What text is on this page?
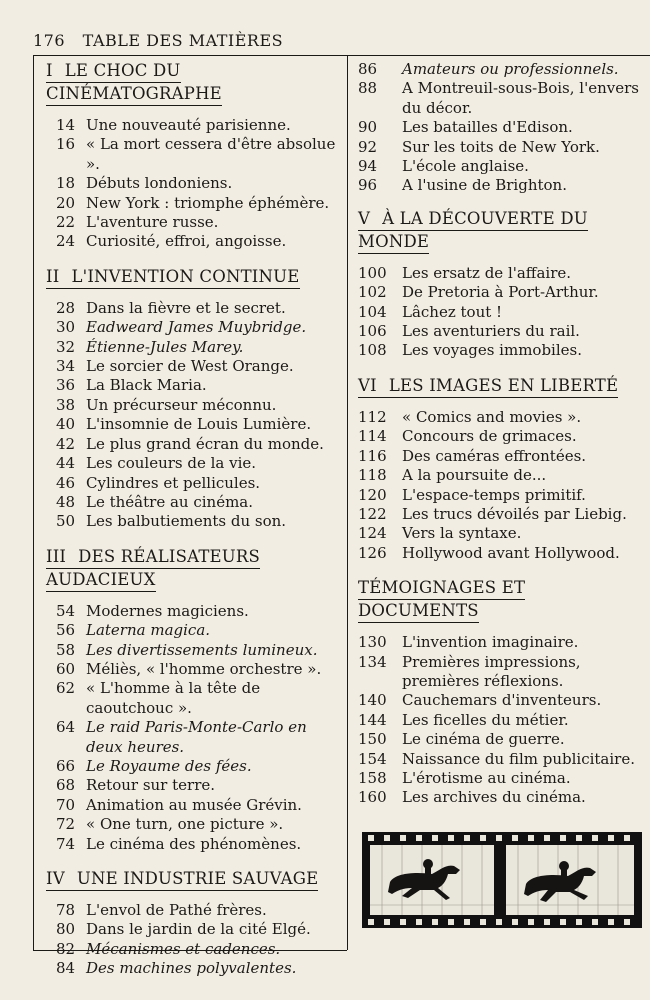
176 TABLE DES MATIÈRES
I LE CHOC DU
CINÉMATOGRAPHE
14 Une nouveauté parisienne.
16 « La mort cessera d'être absolue ».
18 Débuts londoniens.
20 New York : triomphe éphémère.
22 L'aventure russe.
24 Curiosité, effroi, angoisse.
II L'INVENTION CONTINUE
28 Dans la fièvre et le secret.
30 Eadweard James Muybridge.
32 Étienne-Jules Marey.
34 Le sorcier de West Orange.
36 La Black Maria.
38 Un précurseur méconnu.
40 L'insomnie de Louis Lumière.
42 Le plus grand écran du monde.
44 Les couleurs de la vie.
46 Cylindres et pellicules.
48 Le théâtre au cinéma.
50 Les balbutiements du son.
III DES RÉALISATEURS
AUDACIEUX
54 Modernes magiciens.
56 Laterna magica.
58 Les divertissements lumineux.
60 Méliès, « l'homme orchestre ».
62 « L'homme à la tête de caoutchouc ».
64 Le raid Paris-Monte-Carlo en deux heures.
66 Le Royaume des fées.
68 Retour sur terre.
70 Animation au musée Grévin.
72 « One turn, one picture ».
74 Le cinéma des phénomènes.
IV UNE INDUSTRIE SAUVAGE
78 L'envol de Pathé frères.
80 Dans le jardin de la cité Elgé.
82 Mécanismes et cadences.
84 Des machines polyvalentes.
86	Amateurs ou professionnels.
88	A Montreuil-sous-Bois, l'envers du décor.
90	Les batailles d'Edison.
92	Sur les toits de New York.
94	L'école anglaise.
96	A l'usine de Brighton.
V À LA DÉCOUVERTE DU
MONDE
100	Les ersatz de l'affaire.
102	De Pretoria à Port-Arthur.
104	Lâchez tout !
106	Les aventuriers du rail.
108	Les voyages immobiles.
VI LES IMAGES EN LIBERTÉ
112	« Comics and movies ».
114	Concours de grimaces.
116	Des caméras effrontées.
118	A la poursuite de...
120	L'espace-temps primitif.
122	Les trucs dévoilés par Liebig.
124	Vers la syntaxe.
126	Hollywood avant Hollywood.
TÉMOIGNAGES ET
DOCUMENTS
130	L'invention imaginaire.
134	Premières impressions, premières réflexions.
140	Cauchemars d'inventeurs.
144	Les ficelles du métier.
150	Le cinéma de guerre.
154	Naissance du film publicitaire.
158	L'érotisme au cinéma.
160	Les archives du cinéma.
